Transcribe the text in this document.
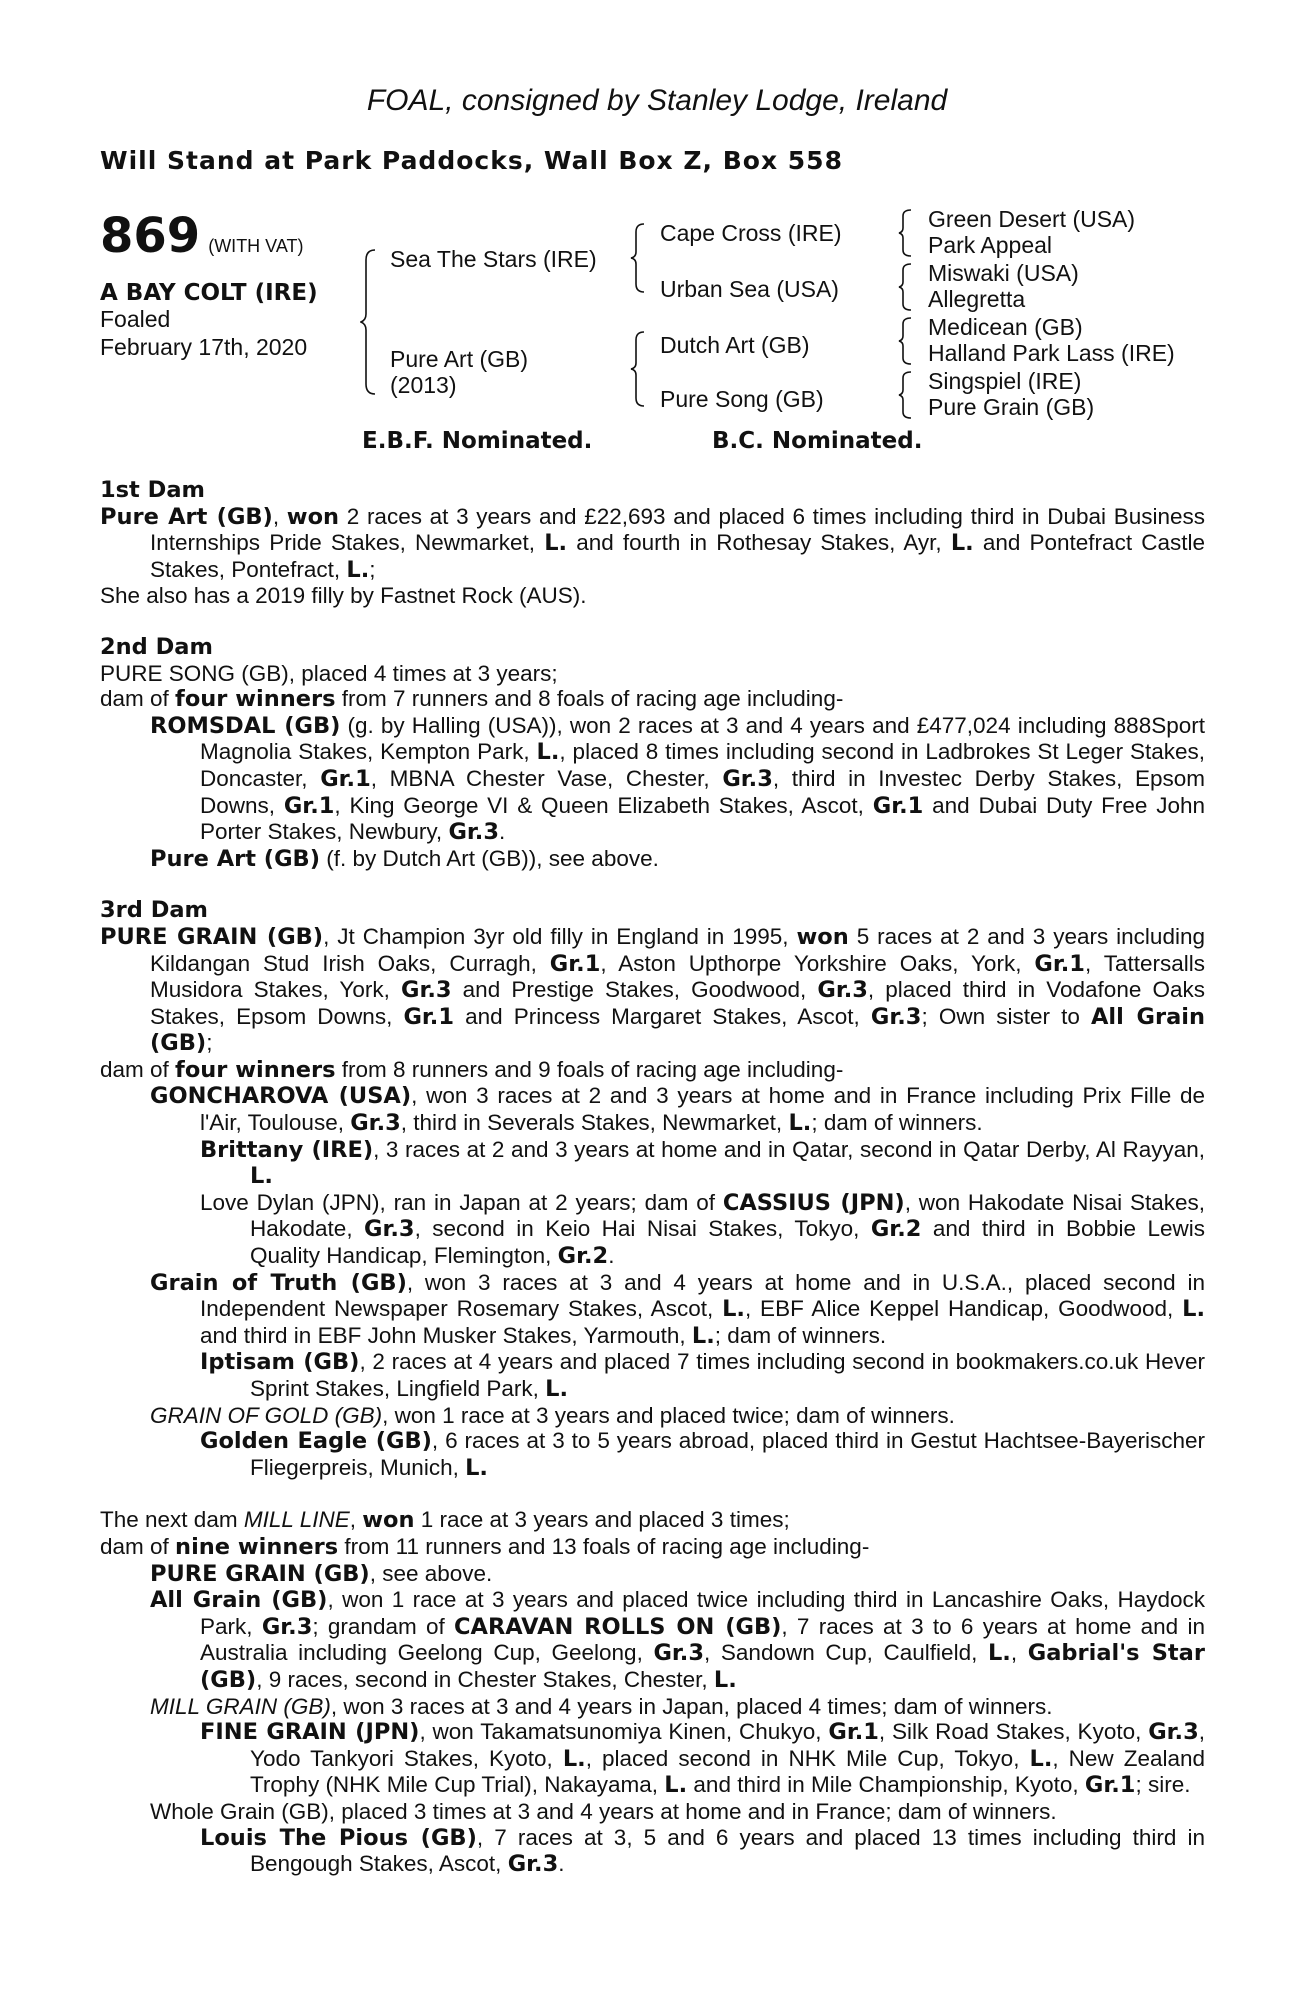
FOAL, consigned by Stanley Lodge, Ireland
Will Stand at Park Paddocks, Wall Box Z, Box 558
869 (WITH VAT)
A BAY COLT (IRE)
Foaled
February 17th, 2020
Sea The Stars (IRE)
Pure Art (GB)
(2013)
Cape Cross (IRE)
Urban Sea (USA)
Dutch Art (GB)
Pure Song (GB)
Green Desert (USA)
Park Appeal
Miswaki (USA)
Allegretta
Medicean (GB)
Halland Park Lass (IRE)
Singspiel (IRE)
Pure Grain (GB)
E.B.F. Nominated.	B.C. Nominated.
1st Dam
Pure Art (GB), won 2 races at 3 years and £22,693 and placed 6 times including third in Dubai Business Internships Pride Stakes, Newmarket, L. and fourth in Rothesay Stakes, Ayr, L. and Pontefract Castle Stakes, Pontefract, L.;
She also has a 2019 filly by Fastnet Rock (AUS).
2nd Dam
PURE SONG (GB), placed 4 times at 3 years;
dam of four winners from 7 runners and 8 foals of racing age including-
ROMSDAL (GB) (g. by Halling (USA)), won 2 races at 3 and 4 years and £477,024 including 888Sport Magnolia Stakes, Kempton Park, L., placed 8 times including second in Ladbrokes St Leger Stakes, Doncaster, Gr.1, MBNA Chester Vase, Chester, Gr.3, third in Investec Derby Stakes, Epsom Downs, Gr.1, King George VI & Queen Elizabeth Stakes, Ascot, Gr.1 and Dubai Duty Free John Porter Stakes, Newbury, Gr.3.
Pure Art (GB) (f. by Dutch Art (GB)), see above.
3rd Dam
PURE GRAIN (GB), Jt Champion 3yr old filly in England in 1995, won 5 races at 2 and 3 years including Kildangan Stud Irish Oaks, Curragh, Gr.1, Aston Upthorpe Yorkshire Oaks, York, Gr.1, Tattersalls Musidora Stakes, York, Gr.3 and Prestige Stakes, Goodwood, Gr.3, placed third in Vodafone Oaks Stakes, Epsom Downs, Gr.1 and Princess Margaret Stakes, Ascot, Gr.3; Own sister to All Grain (GB);
dam of four winners from 8 runners and 9 foals of racing age including-
GONCHAROVA (USA), won 3 races at 2 and 3 years at home and in France including Prix Fille de l'Air, Toulouse, Gr.3, third in Severals Stakes, Newmarket, L.; dam of winners.
Brittany (IRE), 3 races at 2 and 3 years at home and in Qatar, second in Qatar Derby, Al Rayyan, L.
Love Dylan (JPN), ran in Japan at 2 years; dam of CASSIUS (JPN), won Hakodate Nisai Stakes, Hakodate, Gr.3, second in Keio Hai Nisai Stakes, Tokyo, Gr.2 and third in Bobbie Lewis Quality Handicap, Flemington, Gr.2.
Grain of Truth (GB), won 3 races at 3 and 4 years at home and in U.S.A., placed second in Independent Newspaper Rosemary Stakes, Ascot, L., EBF Alice Keppel Handicap, Goodwood, L. and third in EBF John Musker Stakes, Yarmouth, L.; dam of winners.
Iptisam (GB), 2 races at 4 years and placed 7 times including second in bookmakers.co.uk Hever Sprint Stakes, Lingfield Park, L.
GRAIN OF GOLD (GB), won 1 race at 3 years and placed twice; dam of winners.
Golden Eagle (GB), 6 races at 3 to 5 years abroad, placed third in Gestut Hachtsee-Bayerischer Fliegerpreis, Munich, L.
The next dam MILL LINE, won 1 race at 3 years and placed 3 times;
dam of nine winners from 11 runners and 13 foals of racing age including-
PURE GRAIN (GB), see above.
All Grain (GB), won 1 race at 3 years and placed twice including third in Lancashire Oaks, Haydock Park, Gr.3; grandam of CARAVAN ROLLS ON (GB), 7 races at 3 to 6 years at home and in Australia including Geelong Cup, Geelong, Gr.3, Sandown Cup, Caulfield, L., Gabrial's Star (GB), 9 races, second in Chester Stakes, Chester, L.
MILL GRAIN (GB), won 3 races at 3 and 4 years in Japan, placed 4 times; dam of winners.
FINE GRAIN (JPN), won Takamatsunomiya Kinen, Chukyo, Gr.1, Silk Road Stakes, Kyoto, Gr.3, Yodo Tankyori Stakes, Kyoto, L., placed second in NHK Mile Cup, Tokyo, L., New Zealand Trophy (NHK Mile Cup Trial), Nakayama, L. and third in Mile Championship, Kyoto, Gr.1; sire.
Whole Grain (GB), placed 3 times at 3 and 4 years at home and in France; dam of winners.
Louis The Pious (GB), 7 races at 3, 5 and 6 years and placed 13 times including third in Bengough Stakes, Ascot, Gr.3.
